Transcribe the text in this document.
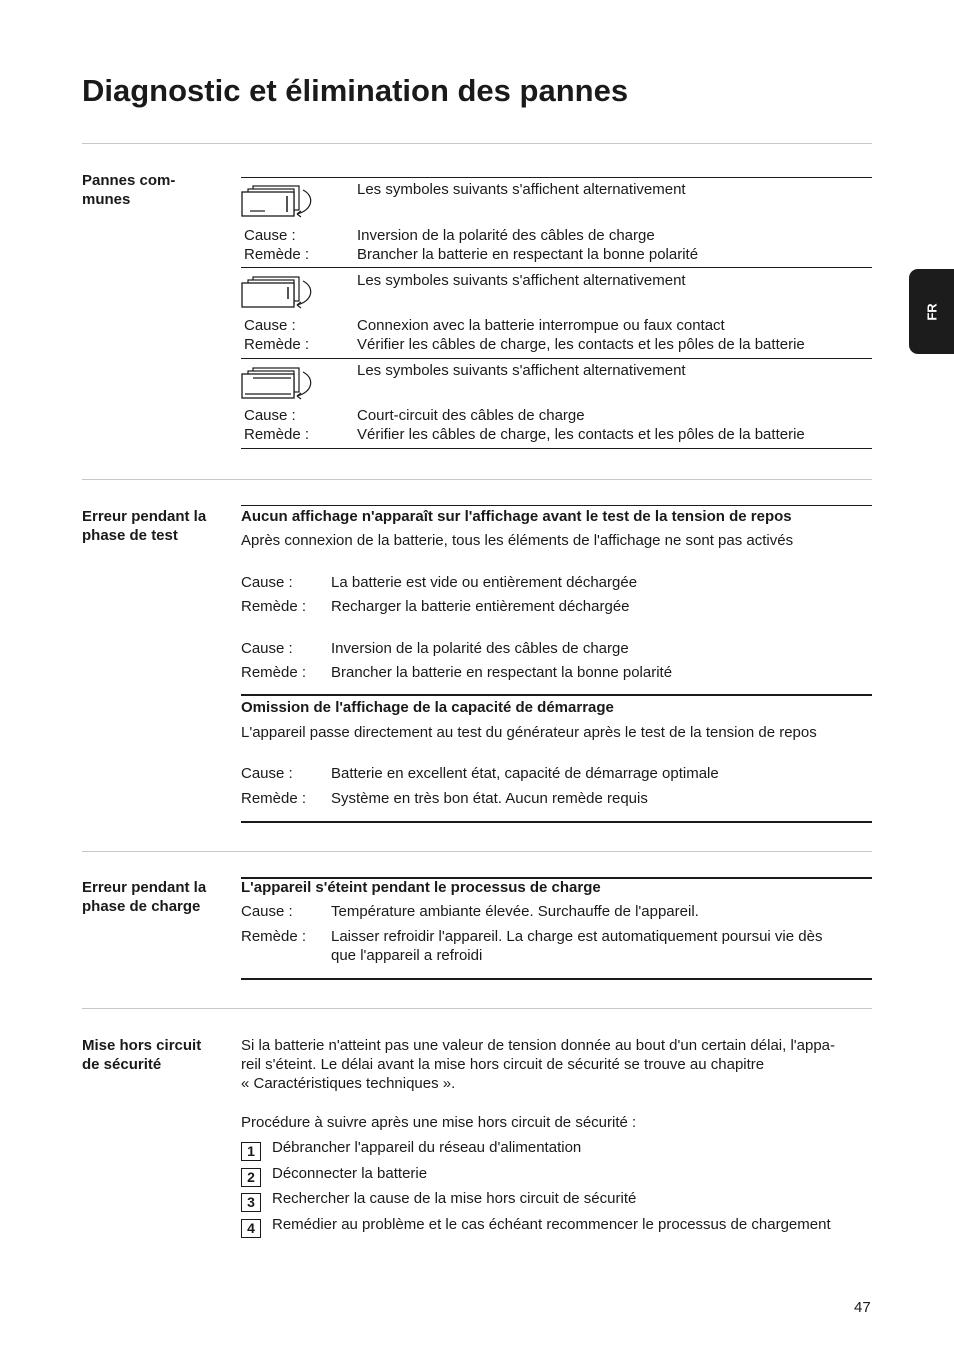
Diagnostic et élimination des pannes
FR
Pannes com-
munes
Les symboles suivants s'affichent alternativement
Cause :	Inversion de la polarité des câbles de charge
Remède :	Brancher la batterie en respectant la bonne polarité
Les symboles suivants s'affichent alternativement
Cause :	Connexion avec la batterie interrompue ou faux contact
Remède :	Vérifier les câbles de charge, les contacts et les pôles de la batterie
Les symboles suivants s'affichent alternativement
Cause :	Court-circuit des câbles de charge
Remède :	Vérifier les câbles de charge, les contacts et les pôles de la batterie
Erreur pendant la
phase de test
Aucun affichage n'apparaît sur l'affichage avant le test de la tension de repos
Après connexion de la batterie, tous les éléments de l'affichage ne sont pas activés
Cause :	La batterie est vide ou entièrement déchargée
Remède : Recharger la batterie entièrement déchargée
Cause :	Inversion de la polarité des câbles de charge
Remède : Brancher la batterie en respectant la bonne polarité
Omission de l'affichage de la capacité de démarrage
L'appareil passe directement au test du générateur après le test de la tension de repos
Cause :	Batterie en excellent état, capacité de démarrage optimale
Remède : Système en très bon état. Aucun remède requis
Erreur pendant la
phase de charge
L'appareil s'éteint pendant le processus de charge
Cause :	Température ambiante élevée. Surchauffe de l'appareil.
Remède : Laisser refroidir l'appareil. La charge est automatiquement poursui vie dès
que l'appareil a refroidi
Mise hors circuit
de sécurité
Si la batterie n'atteint pas une valeur de tension donnée au bout d'un certain délai, l'appa-
reil s'éteint. Le délai avant la mise hors circuit de sécurité se trouve au chapitre
« Caractéristiques techniques ».
Procédure à suivre après une mise hors circuit de sécurité :
1	Débrancher l'appareil du réseau d'alimentation
2	Déconnecter la batterie
3	Rechercher la cause de la mise hors circuit de sécurité
4	Remédier au problème et le cas échéant recommencer le processus de chargement
47
